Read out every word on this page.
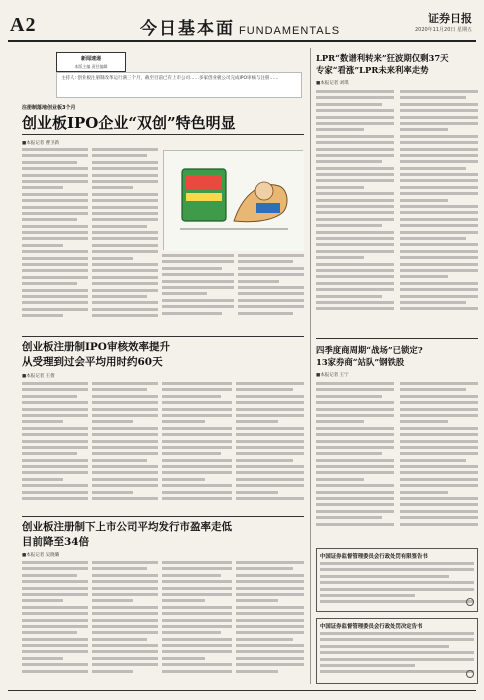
A2	今日基本面 FUNDAMENTALS
证券日报
2020年11月20日 星期五
新闻速递
本版主编 责任编辑
主持人: 创业板注册制改革运行满三个月，截至目前已有上市公司……多家创业板公司完成IPO审核与注册……
注册制落地创业板3个月
创业板IPO企业“双创”特色明显
■本报记者 曹卫新
LPR“数谱利转来”狂波期仅剩37天
专家“看涨”LPR未来利率走势
■本报记者 刘琪
四季度商周期“战场”已锁定?
13家券商“站队”钢铁股
■本报记者 王宁
中国证券监督管理委员会行政处罚有限签告书
中国证券监督管理委员会行政处罚决定告书
创业板注册制IPO审核效率提升
从受理到过会平均用时约60天
■本报记者 王倩
创业板注册制下上市公司平均发行市盈率走低
目前降至34倍
■本报记者 吴晓璐
